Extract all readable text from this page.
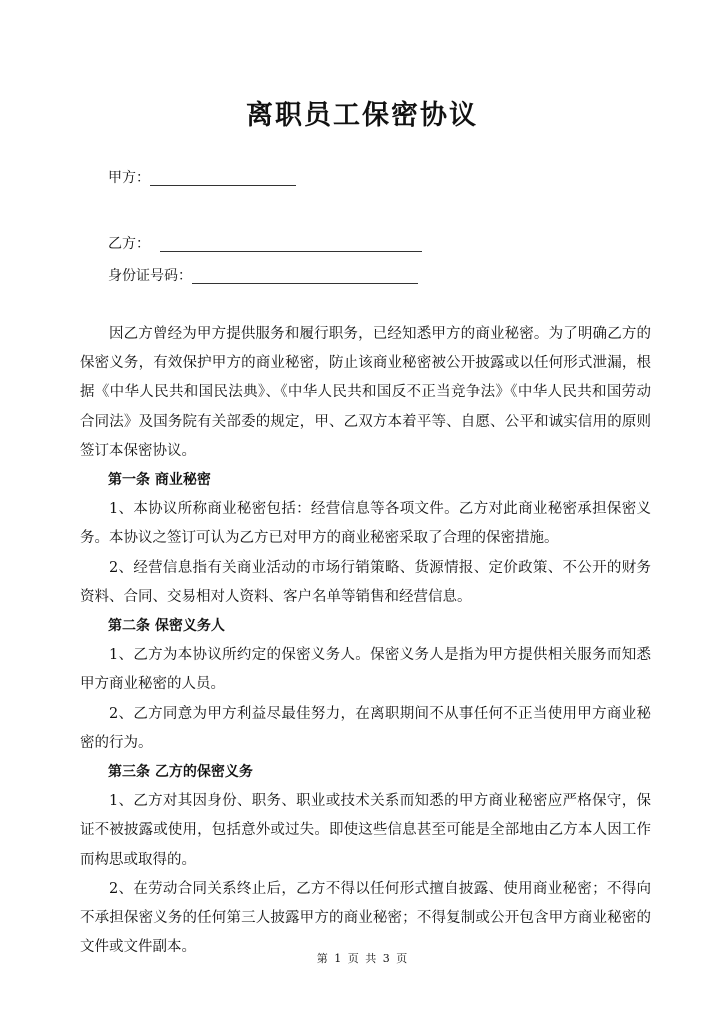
离职员工保密协议
甲方：
乙方：
身份证号码：

因乙方曾经为甲方提供服务和履行职务，已经知悉甲方的商业秘密。为了明确乙方的保密义务，有效保护甲方的商业秘密，防止该商业秘密被公开披露或以任何形式泄漏，根据《中华人民共和国民法典》、《中华人民共和国反不正当竞争法》《中华人民共和国劳动合同法》及国务院有关部委的规定，甲、乙双方本着平等、自愿、公平和诚实信用的原则签订本保密协议。

第一条 商业秘密

1、本协议所称商业秘密包括：经营信息等各项文件。乙方对此商业秘密承担保密义务。本协议之签订可认为乙方已对甲方的商业秘密采取了合理的保密措施。

2、经营信息指有关商业活动的市场行销策略、货源情报、定价政策、不公开的财务资料、合同、交易相对人资料、客户名单等销售和经营信息。

第二条 保密义务人

1、乙方为本协议所约定的保密义务人。保密义务人是指为甲方提供相关服务而知悉甲方商业秘密的人员。

2、乙方同意为甲方利益尽最佳努力，在离职期间不从事任何不正当使用甲方商业秘密的行为。

第三条 乙方的保密义务

1、乙方对其因身份、职务、职业或技术关系而知悉的甲方商业秘密应严格保守，保证不被披露或使用，包括意外或过失。即使这些信息甚至可能是全部地由乙方本人因工作而构思或取得的。

2、在劳动合同关系终止后，乙方不得以任何形式擅自披露、使用商业秘密；不得向不承担保密义务的任何第三人披露甲方的商业秘密；不得复制或公开包含甲方商业秘密的文件或文件副本。

第 1 页 共 3 页
